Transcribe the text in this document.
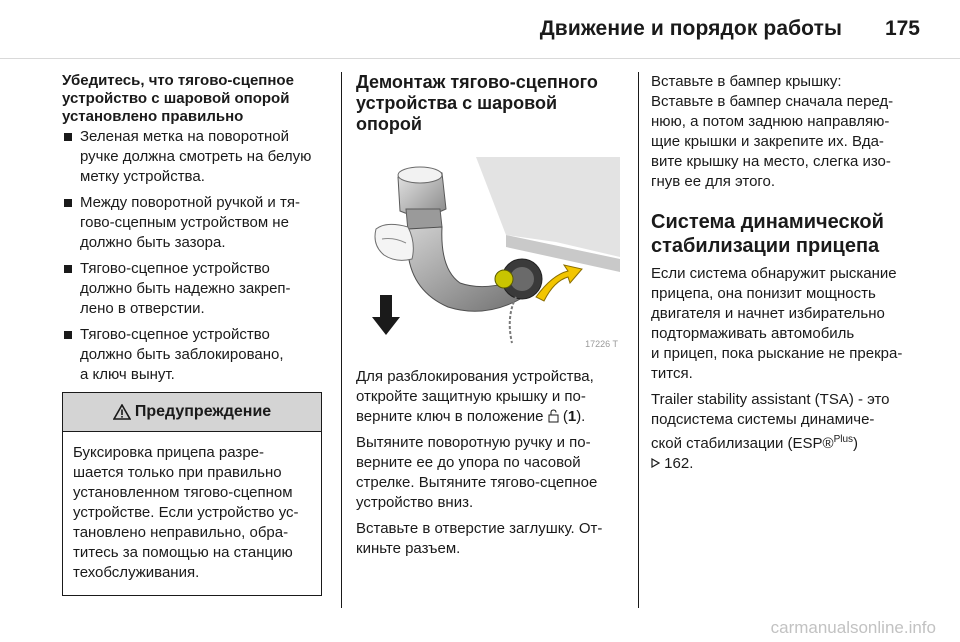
Движение и порядок работы 175
Убедитесь, что тягово-сцепное
устройство с шаровой опорой
установлено правильно
Зеленая метка на поворотной
ручке должна смотреть на белую
метку устройства.
Между поворотной ручкой и тя-
гово-сцепным устройством не
должно быть зазора.
Тягово-сцепное устройство
должно быть надежно закреп-
лено в отверстии.
Тягово-сцепное устройство
должно быть заблокировано,
а ключ вынут.
Предупреждение
Буксировка прицепа разре-
шается только при правильно
установленном тягово-сцепном
устройстве. Если устройство ус-
тановлено неправильно, обра-
титесь за помощью на станцию
техобслуживания.
Демонтаж тягово-сцепного
устройства с шаровой опорой
17226 T

Для разблокирования устройства,
откройте защитную крышку и по-
верните ключ в положение  (1).

Вытяните поворотную ручку и по-
верните ее до упора по часовой
стрелке. Вытяните тягово-сцепное
устройство вниз.

Вставьте в отверстие заглушку. От-
киньте разъем.

Вставьте в бампер крышку:
Вставьте в бампер сначала перед-
нюю, а потом заднюю направляю-
щие крышки и закрепите их. Вда-
вите крышку на место, слегка изо-
гнув ее для этого.

Система динамической
стабилизации прицепа

Если система обнаружит рыскание
прицепа, она понизит мощность
двигателя и начнет избирательно
подтормаживать автомобиль
и прицеп, пока рыскание не прекра-
тится.

Trailer stability assistant (TSA) - это
подсистема системы динамиче-
ской стабилизации (ESP®$^{Plus}$)
162.

carmanualsonline.info
